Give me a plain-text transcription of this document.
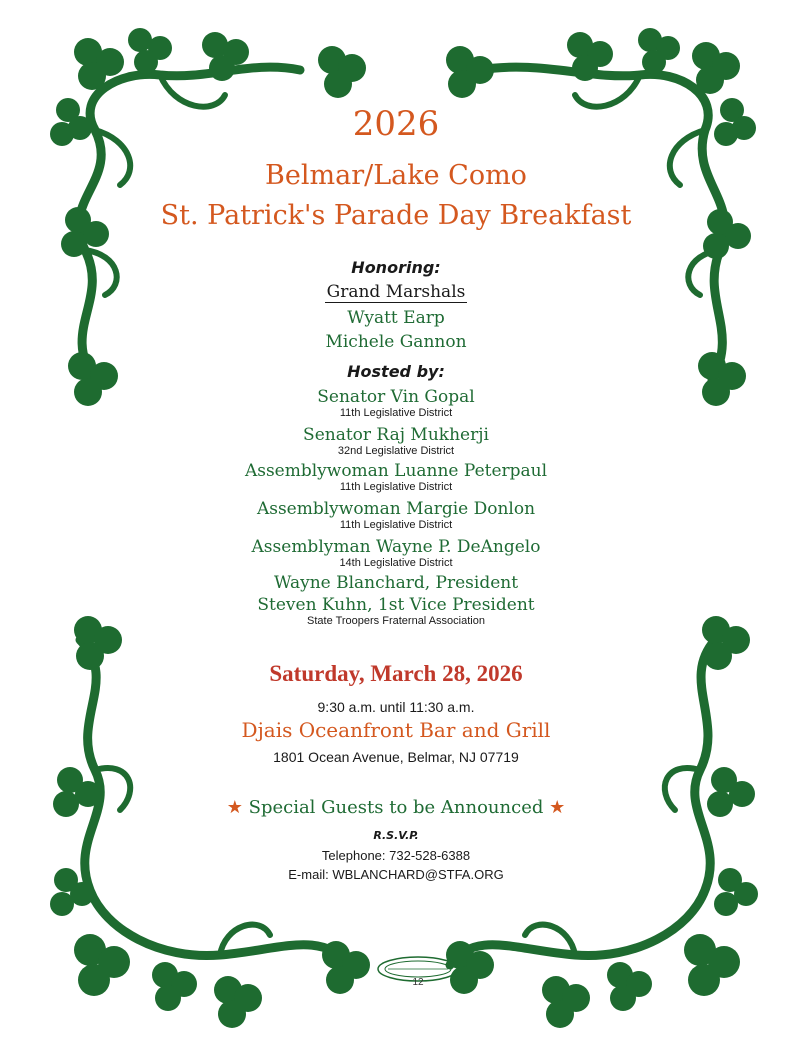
2026
Belmar/Lake Como
St. Patrick's Parade Day Breakfast
Honoring:
Grand Marshals
Wyatt Earp
Michele Gannon
Hosted by:
Senator Vin Gopal
11th Legislative District
Senator Raj Mukherji
32nd Legislative District
Assemblywoman Luanne Peterpaul
11th Legislative District
Assemblywoman Margie Donlon
11th Legislative District
Assemblyman Wayne P. DeAngelo
14th Legislative District
Wayne Blanchard, President
Steven Kuhn, 1st Vice President
State Troopers Fraternal Association
Saturday, March 28, 2026
9:30 a.m. until 11:30 a.m.
Djais Oceanfront Bar and Grill
1801 Ocean Avenue, Belmar, NJ 07719
★ Special Guests to be Announced ★
R.S.V.P.
Telephone: 732-528-6388
E-mail: WBLANCHARD@STFA.ORG
12
